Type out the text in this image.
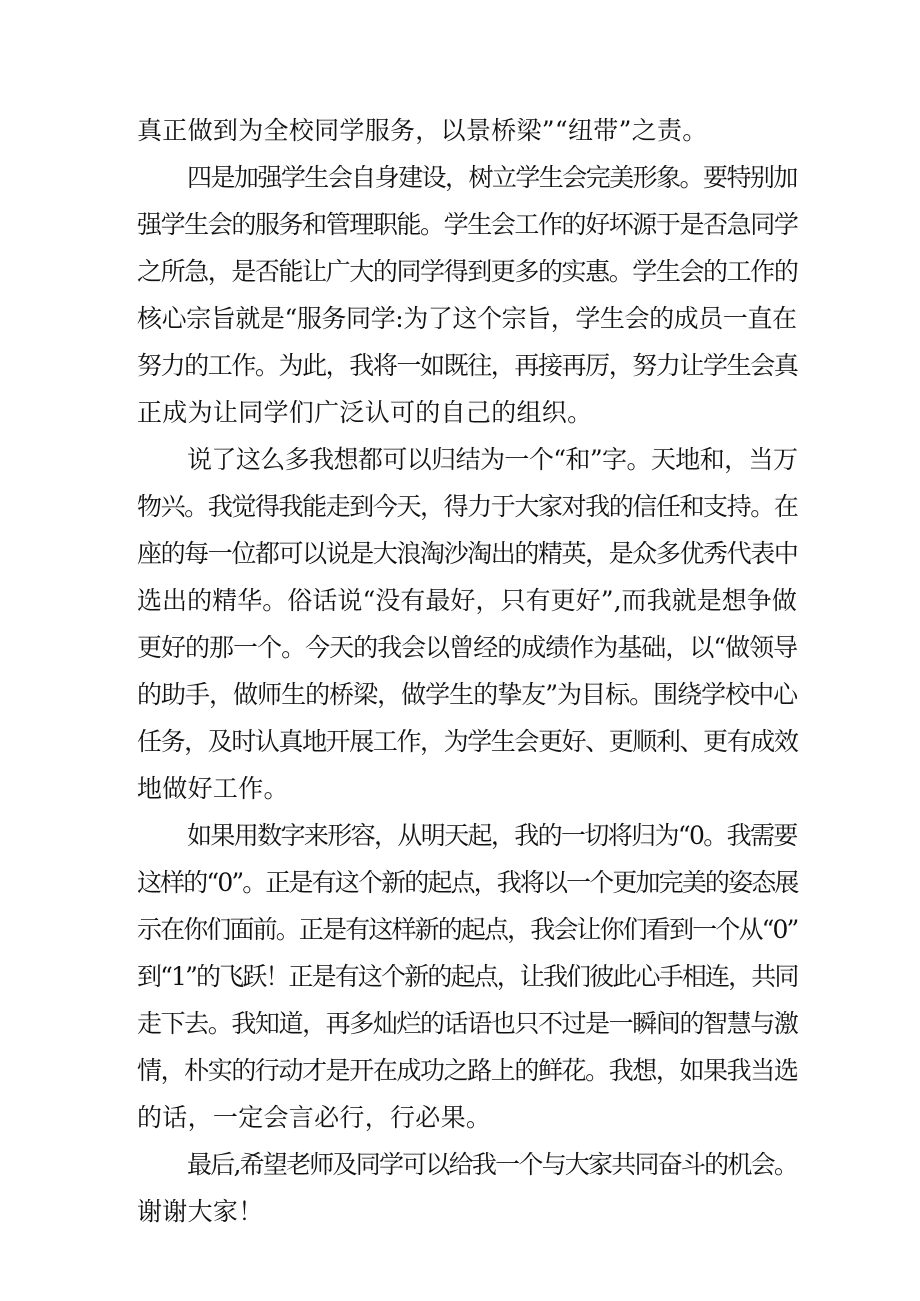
真正做到为全校同学服务，以景桥梁”“纽带”之责。

四是加强学生会自身建设，树立学生会完美形象。要特别加
强学生会的服务和管理职能。学生会工作的好坏源于是否急同学
之所急，是否能让广大的同学得到更多的实惠。学生会的工作的
核心宗旨就是“服务同学:为了这个宗旨，学生会的成员一直在
努力的工作。为此，我将一如既往，再接再厉，努力让学生会真
正成为让同学们广泛认可的自己的组织。

说了这么多我想都可以归结为一个“和”字。天地和，当万
物兴。我觉得我能走到今天，得力于大家对我的信任和支持。在
座的每一位都可以说是大浪淘沙淘出的精英，是众多优秀代表中
选出的精华。俗话说“没有最好，只有更好”,而我就是想争做
更好的那一个。今天的我会以曾经的成绩作为基础，以“做领导
的助手，做师生的桥梁，做学生的挚友”为目标。围绕学校中心
任务，及时认真地开展工作，为学生会更好、更顺利、更有成效
地做好工作。

如果用数字来形容，从明天起，我的一切将归为“0。我需要
这样的“0”。正是有这个新的起点，我将以一个更加完美的姿态展
示在你们面前。正是有这样新的起点，我会让你们看到一个从“0”
到“1”的飞跃！正是有这个新的起点，让我们彼此心手相连，共同
走下去。我知道，再多灿烂的话语也只不过是一瞬间的智慧与激
情，朴实的行动才是开在成功之路上的鲜花。我想，如果我当选
的话，一定会言必行，行必果。

最后,希望老师及同学可以给我一个与大家共同奋斗的机会。
谢谢大家！
